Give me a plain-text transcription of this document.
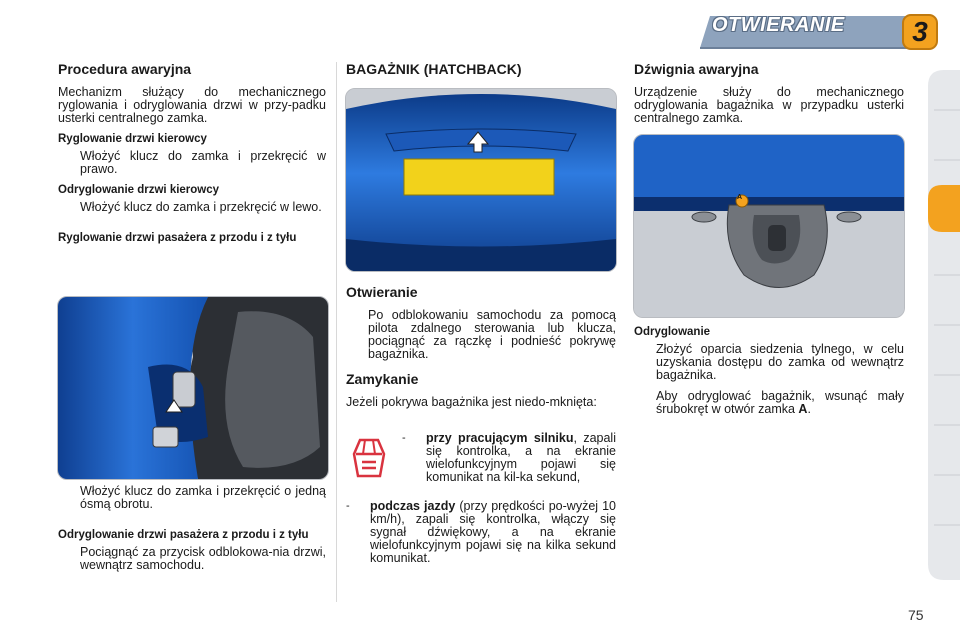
OTWIERANIE	3
Procedura awaryjna
Mechanizm służący do mechanicznego ryglowania i odryglowania drzwi w przy-padku usterki centralnego zamka.
Ryglowanie drzwi kierowcy
Włożyć klucz do zamka i przekręcić w prawo.
Odryglowanie drzwi kierowcy
Włożyć klucz do zamka i przekręcić w lewo.
Ryglowanie drzwi pasażera z przodu i z tyłu
Włożyć klucz do zamka i przekręcić o jedną ósmą obrotu.
Odryglowanie drzwi pasażera z przodu i z tyłu
Pociągnąć za przycisk odblokowa-nia drzwi, wewnątrz samochodu.
BAGAŻNIK (HATCHBACK)
Otwieranie
Po odblokowaniu samochodu za pomocą pilota zdalnego sterowania lub klucza, pociągnąć za rączkę i podnieść pokrywę bagażnika.
Zamykanie
Jeżeli pokrywa bagażnika jest niedo-mknięta:
-	przy pracującym silniku, zapali się kontrolka, a na ekranie wielofunkcyjnym pojawi się komunikat na kil-ka sekund,
-	podczas jazdy (przy prędkości po-wyżej 10 km/h), zapali się kontrolka, włączy się sygnał dźwiękowy, a na ekranie wielofunkcyjnym pojawi się na kilka sekund komunikat.
Dźwignia awaryjna
Urządzenie służy do mechanicznego odryglowania bagażnika w przypadku usterki centralnego zamka.
A
Odryglowanie
Złożyć oparcia siedzenia tylnego, w celu uzyskania dostępu do zamka od wewnątrz bagażnika.
Aby odryglować bagażnik, wsunąć mały śrubokręt w otwór zamka A.
75
